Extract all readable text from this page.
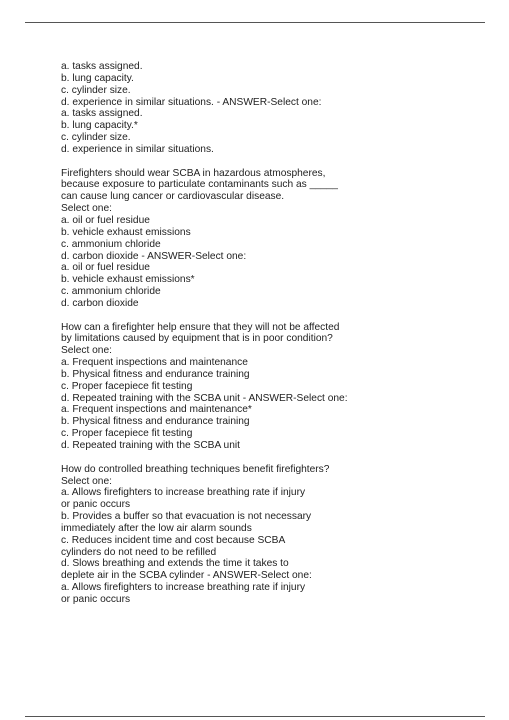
a. tasks assigned.
b. lung capacity.
c. cylinder size.
d. experience in similar situations. - ANSWER-Select one:
a. tasks assigned.
b. lung capacity.*
c. cylinder size.
d. experience in similar situations.
Firefighters should wear SCBA in hazardous atmospheres,
because exposure to particulate contaminants such as _____
can cause lung cancer or cardiovascular disease.
Select one:
a. oil or fuel residue
b. vehicle exhaust emissions
c. ammonium chloride
d. carbon dioxide - ANSWER-Select one:
a. oil or fuel residue
b. vehicle exhaust emissions*
c. ammonium chloride
d. carbon dioxide
How can a firefighter help ensure that they will not be affected
by limitations caused by equipment that is in poor condition?
Select one:
a. Frequent inspections and maintenance
b. Physical fitness and endurance training
c. Proper facepiece fit testing
d. Repeated training with the SCBA unit - ANSWER-Select one:
a. Frequent inspections and maintenance*
b. Physical fitness and endurance training
c. Proper facepiece fit testing
d. Repeated training with the SCBA unit
How do controlled breathing techniques benefit firefighters?
Select one:
a. Allows firefighters to increase breathing rate if injury
or panic occurs
b. Provides a buffer so that evacuation is not necessary
immediately after the low air alarm sounds
c. Reduces incident time and cost because SCBA
cylinders do not need to be refilled
d. Slows breathing and extends the time it takes to
deplete air in the SCBA cylinder - ANSWER-Select one:
a. Allows firefighters to increase breathing rate if injury
or panic occurs
